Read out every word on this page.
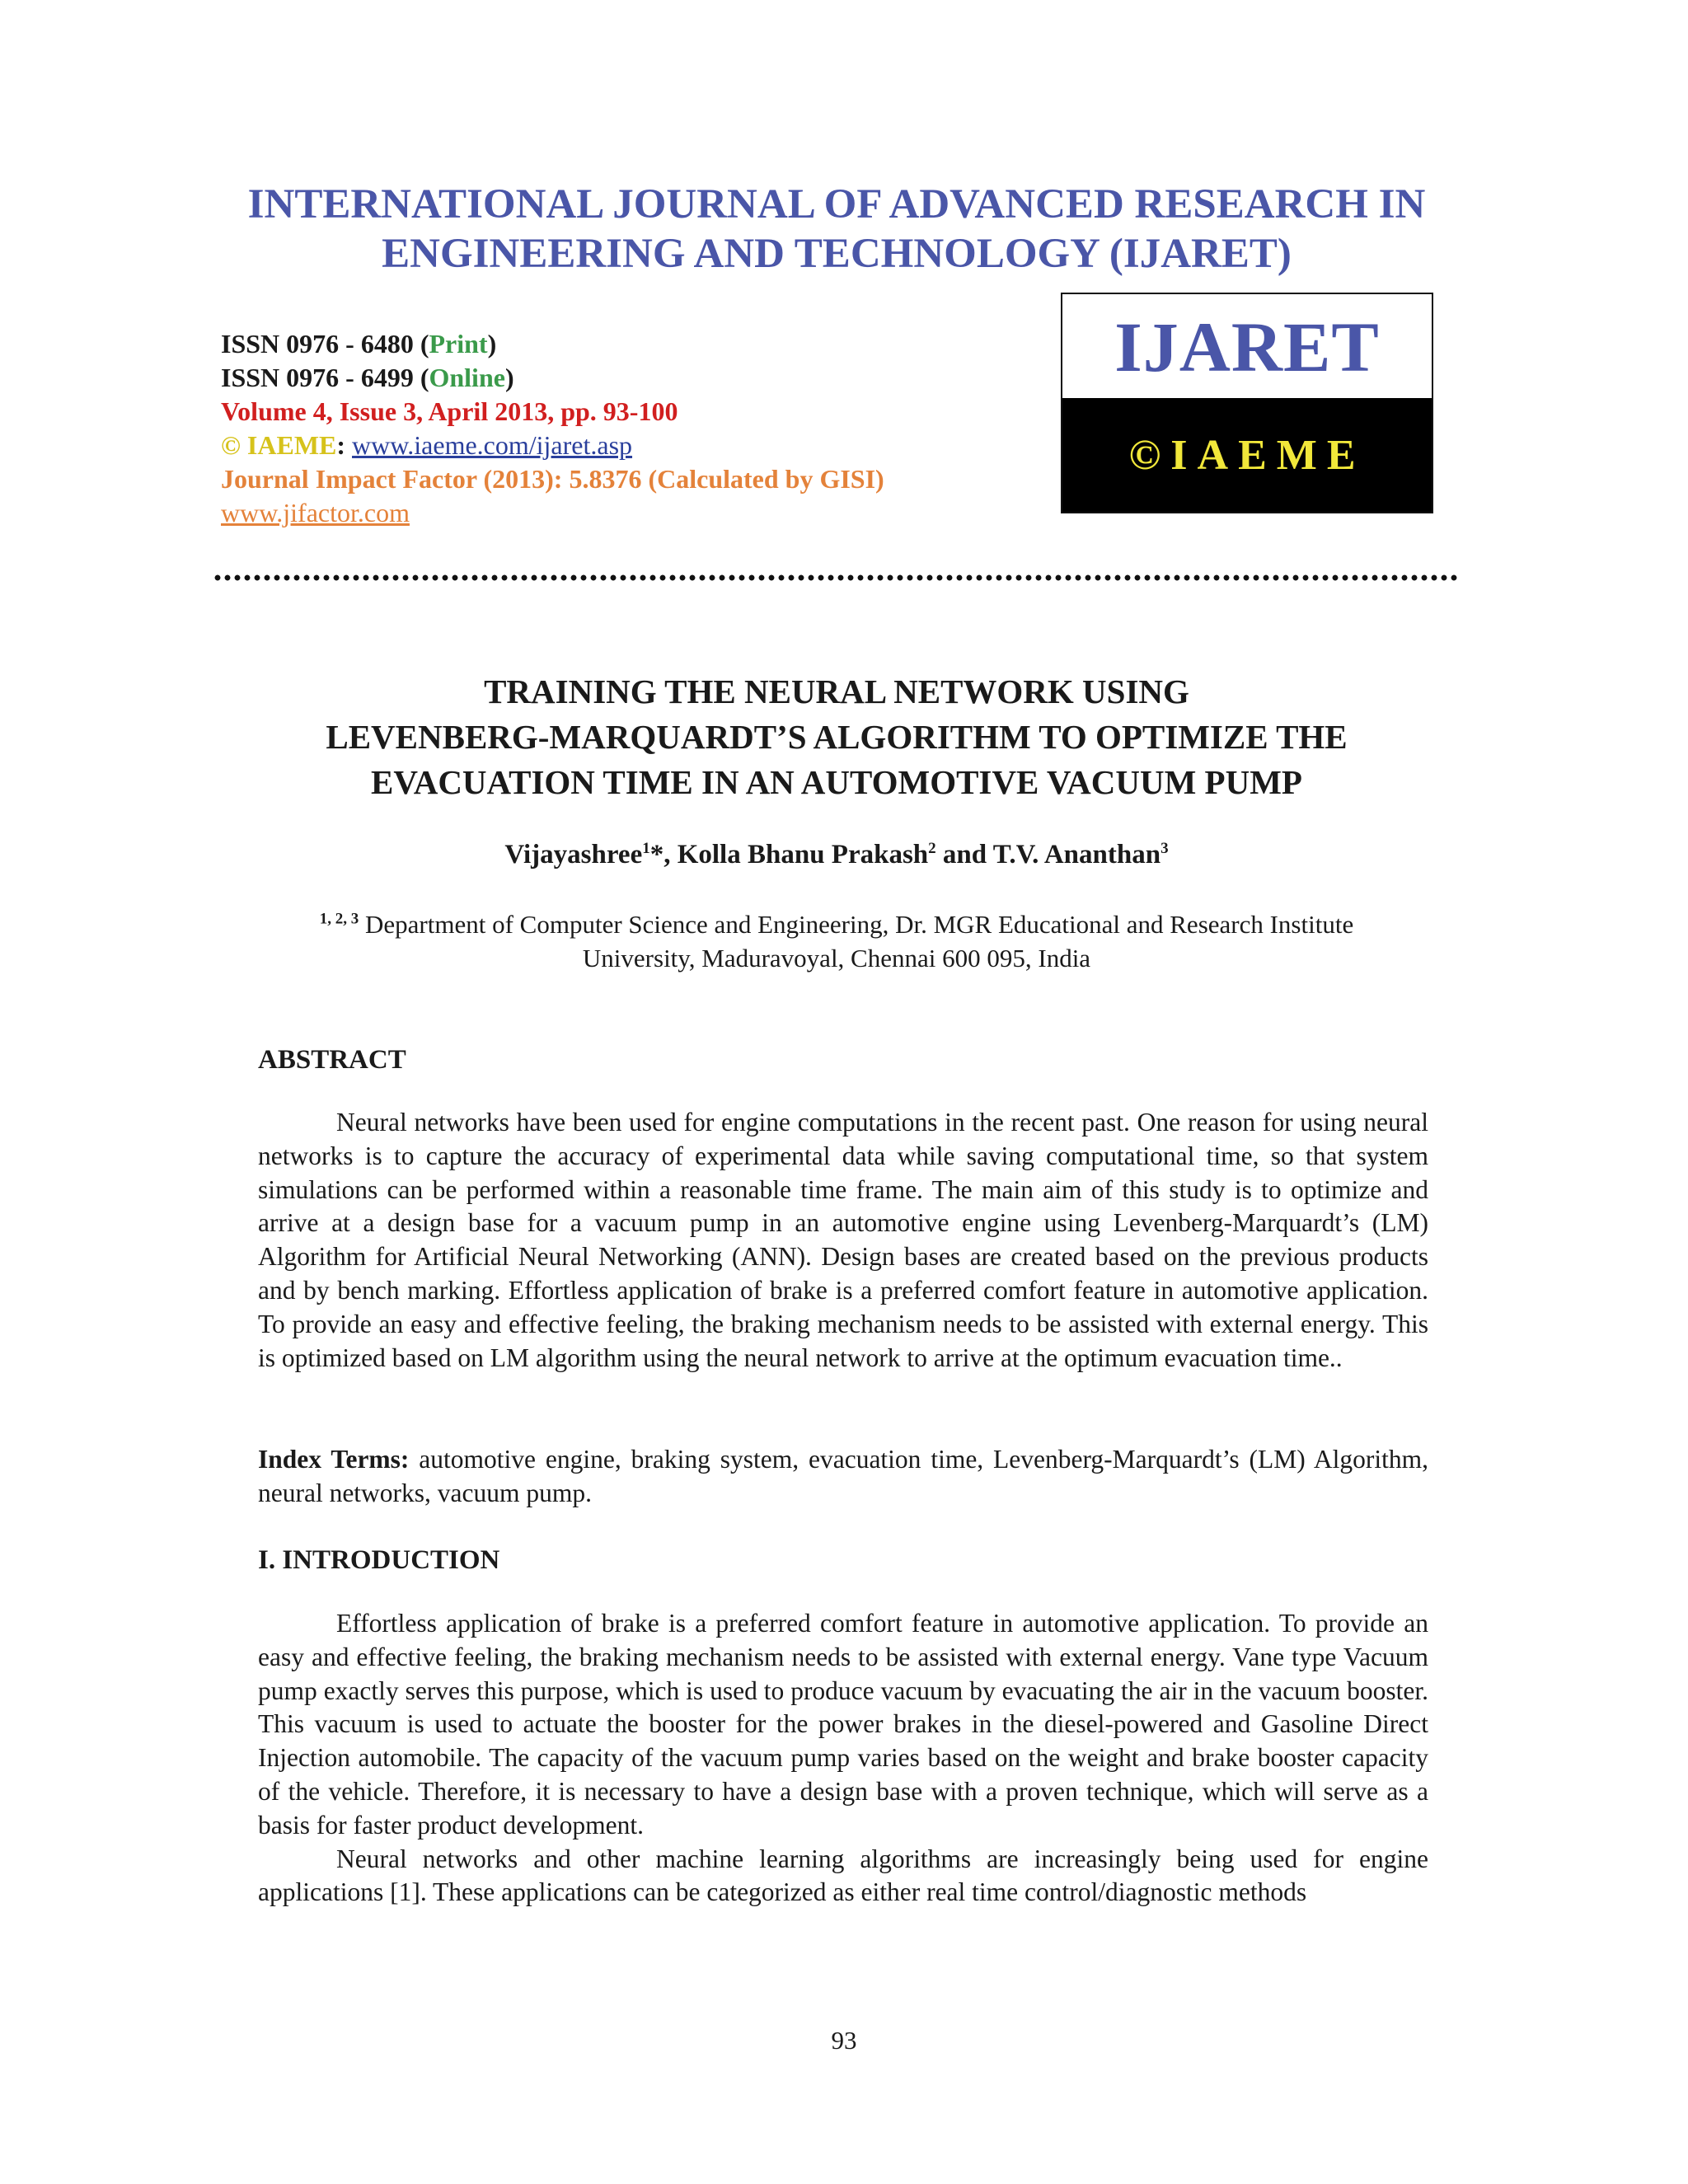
INTERNATIONAL JOURNAL OF ADVANCED RESEARCH IN
ENGINEERING AND TECHNOLOGY (IJARET)
ISSN 0976 - 6480 (Print)
ISSN 0976 - 6499 (Online)
Volume 4, Issue 3, April 2013, pp. 93-100
© IAEME: www.iaeme.com/ijaret.asp
Journal Impact Factor (2013): 5.8376 (Calculated by GISI)
www.jifactor.com
IJARET
©IAEME
TRAINING THE NEURAL NETWORK USING
LEVENBERG-MARQUARDT’S ALGORITHM TO OPTIMIZE THE
EVACUATION TIME IN AN AUTOMOTIVE VACUUM PUMP
Vijayashree$^1$*, Kolla Bhanu Prakash$^2$ and T.V. Ananthan$^3$
$^{1, 2, 3}$ Department of Computer Science and Engineering, Dr. MGR Educational and Research Institute
University, Maduravoyal, Chennai 600 095, India
ABSTRACT

Neural networks have been used for engine computations in the recent past. One reason for using neural networks is to capture the accuracy of experimental data while saving computational time, so that system simulations can be performed within a reasonable time frame. The main aim of this study is to optimize and arrive at a design base for a vacuum pump in an automotive engine using Levenberg-Marquardt’s (LM) Algorithm for Artificial Neural Networking (ANN). Design bases are created based on the previous products and by bench marking. Effortless application of brake is a preferred comfort feature in automotive application. To provide an easy and effective feeling, the braking mechanism needs to be assisted with external energy. This is optimized based on LM algorithm using the neural network to arrive at the optimum evacuation time..

Index Terms: automotive engine, braking system, evacuation time, Levenberg-Marquardt’s (LM) Algorithm, neural networks, vacuum pump.

I. INTRODUCTION

Effortless application of brake is a preferred comfort feature in automotive application. To provide an easy and effective feeling, the braking mechanism needs to be assisted with external energy. Vane type Vacuum pump exactly serves this purpose, which is used to produce vacuum by evacuating the air in the vacuum booster. This vacuum is used to actuate the booster for the power brakes in the diesel-powered and Gasoline Direct Injection automobile. The capacity of the vacuum pump varies based on the weight and brake booster capacity of the vehicle. Therefore, it is necessary to have a design base with a proven technique, which will serve as a basis for faster product development.

Neural networks and other machine learning algorithms are increasingly being used for engine applications [1]. These applications can be categorized as either real time control/diagnostic methods

93
